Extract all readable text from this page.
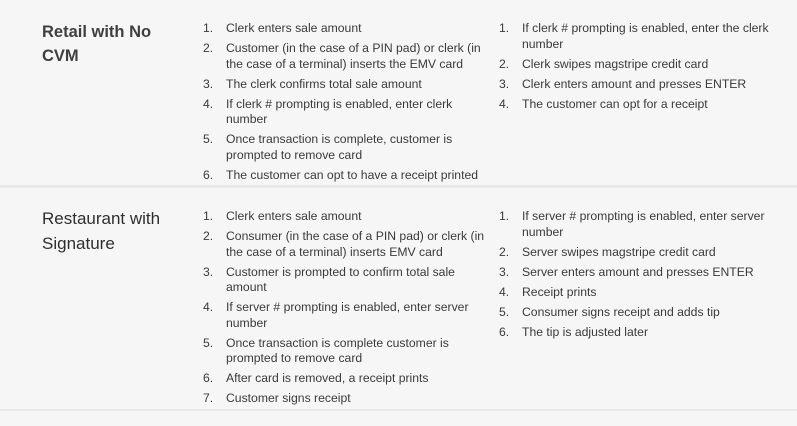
Retail with No CVM
1.	Clerk enters sale amount
2.	Customer (in the case of a PIN pad) or clerk (in the case of a terminal) inserts the EMV card
3.	The clerk confirms total sale amount
4.	If clerk # prompting is enabled, enter clerk number
5.	Once transaction is complete, customer is prompted to remove card
6.	The customer can opt to have a receipt printed
1.	If clerk # prompting is enabled, enter the clerk number
2.	Clerk swipes magstripe credit card
3.	Clerk enters amount and presses ENTER
4.	The customer can opt for a receipt
Restaurant with Signature
1.	Clerk enters sale amount
2.	Consumer (in the case of a PIN pad) or clerk (in the case of a terminal) inserts EMV card
3.	Customer is prompted to confirm total sale amount
4.	If server # prompting is enabled, enter server number
5.	Once transaction is complete customer is prompted to remove card
6.	After card is removed, a receipt prints
7.	Customer signs receipt
1.	If server # prompting is enabled, enter server number
2.	Server swipes magstripe credit card
3.	Server enters amount and presses ENTER
4.	Receipt prints
5.	Consumer signs receipt and adds tip
6.	The tip is adjusted later
